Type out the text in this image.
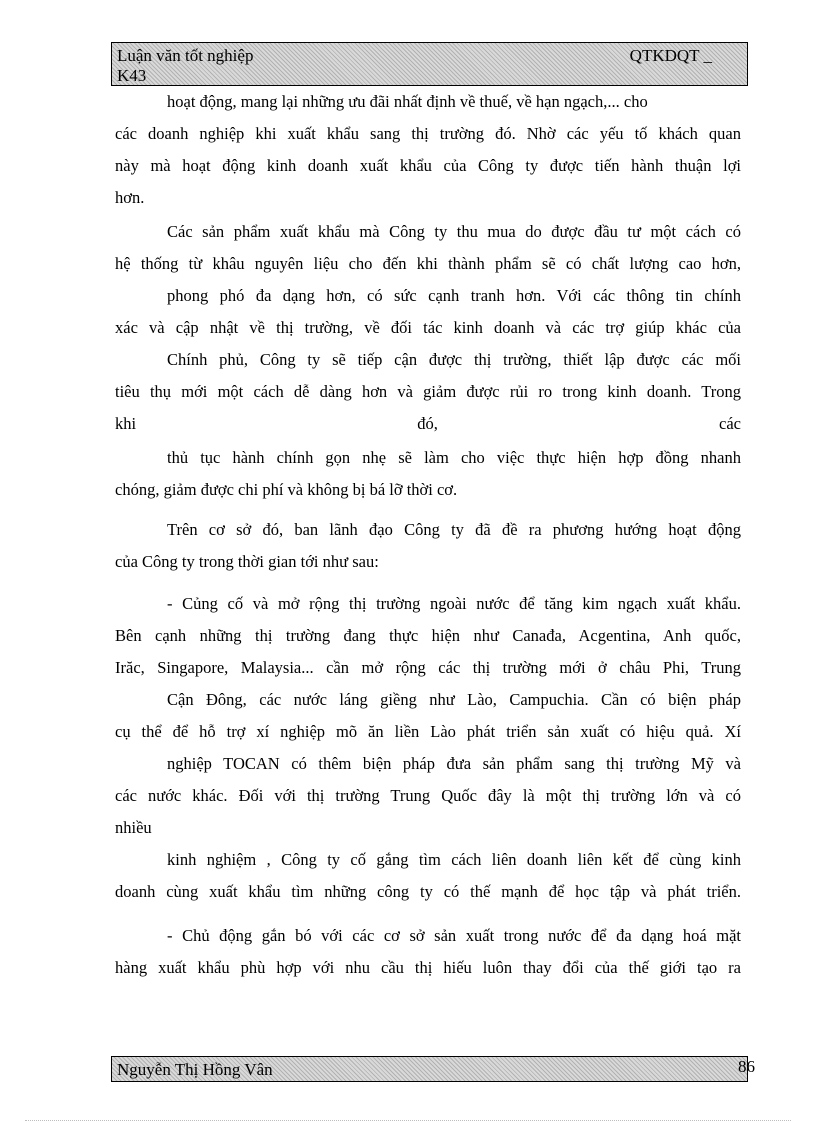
Luận văn tốt nghiệp	QTKDQT _
K43
hoạt động, mang lại những ưu đãi nhất định về thuế, về hạn ngạch,... cho
các doanh nghiệp khi xuất khẩu sang thị trường đó. Nhờ các yếu tố khách quan
này mà hoạt động kinh doanh xuất khẩu của Công ty được tiến hành thuận lợi
hơn.
Các sản phẩm xuất khẩu mà Công ty thu mua do được đầu tư một cách có
hệ thống từ khâu nguyên liệu cho đến khi thành phẩm sẽ có chất lượng cao hơn,
phong phó đa dạng hơn, có sức cạnh tranh hơn. Với các thông tin chính
xác và cập nhật về thị trường, về đối tác kinh doanh và các trợ giúp khác của
Chính phủ, Công ty sẽ tiếp cận được thị trường, thiết lập được các mối
tiêu thụ mới một cách dễ dàng hơn và giảm được rủi ro trong kinh doanh. Trong
khi đó, các
thủ tục hành chính gọn nhẹ sẽ làm cho việc thực hiện hợp đồng nhanh
chóng, giảm được chi phí và không bị bá lỡ thời cơ.
Trên cơ sở đó, ban lãnh đạo Công ty đã đề ra phương hướng hoạt động
của Công ty trong thời gian tới như sau:
- Củng cố và mở rộng thị trường ngoài nước để tăng kim ngạch xuất khẩu.
Bên cạnh những thị trường đang thực hiện như Canađa, Acgentina, Anh quốc,
Irăc, Singapore, Malaysia... cần mở rộng các thị trường mới ở châu Phi, Trung
Cận Đông, các nước láng giềng như Lào, Campuchia. Cần có biện pháp
cụ thể để hỗ trợ xí nghiệp mõ ăn liền Lào phát triển sản xuất có hiệu quả. Xí
nghiệp TOCAN có thêm biện pháp đưa sản phẩm sang thị trường Mỹ và
các nước khác. Đối với thị trường Trung Quốc đây là một thị trường lớn và có
nhiều
kinh nghiệm , Công ty cố gắng tìm cách liên doanh liên kết để cùng kinh
doanh cùng xuất khẩu tìm những công ty có thế mạnh để học tập và phát triển.
- Chủ động gắn bó với các cơ sở sản xuất trong nước để đa dạng hoá mặt
hàng xuất khẩu phù hợp với nhu cầu thị hiếu luôn thay đổi của thế giới tạo ra
Nguyễn Thị Hồng Vân	86
